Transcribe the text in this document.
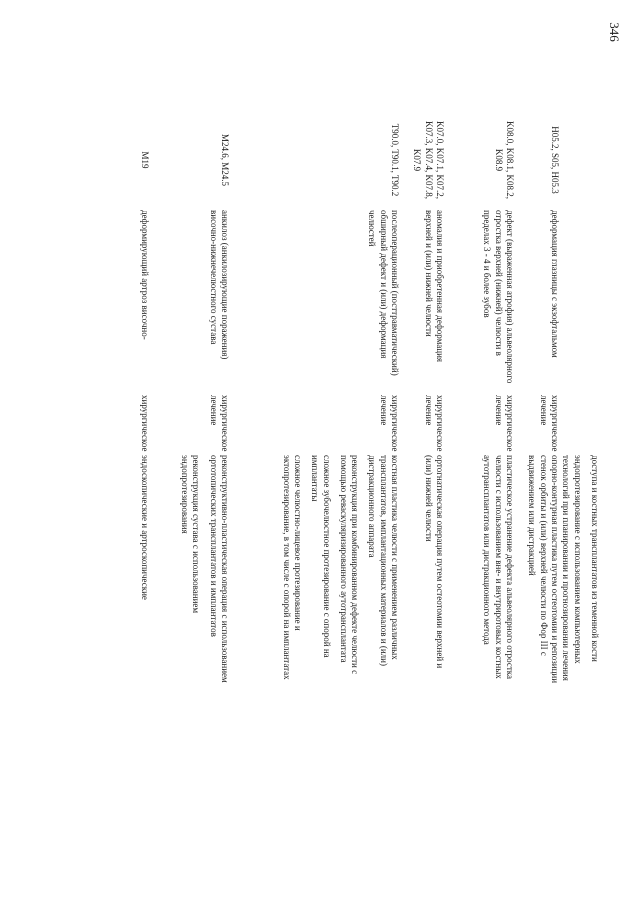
346

доступа и костных трансплантатов из теменной кости

эндопротезирование с использованием компьютерных технологий при планировании и прогнозировании лечения

H05.2, S05, H05.3
деформация глазницы с экзофтальмом
хирургическое лечение

опорно-контурная пластика путем остеотомии и репозиции стенок орбиты и (или) верхней челюсти по Фор III с выдвижением или дистракцией

K08.0, K08.1, K08.2, K08.9
дефект (выраженная атрофия) альвеолярного отростка верхней (нижней) челюсти в пределах 3 - 4 и более зубов
хирургическое лечение

пластическое устранение дефекта альвеолярного отростка челюсти с использованием вне- и внутриротовых костных аутотрансплантатов или дистракционного метода

K07.0, K07.1, K07.2, K07.3, K07.4, K07.8, K07.9
аномалия и приобретенная деформация верхней и (или) нижней челюсти
хирургическое лечение

ортогнатическая операция путем остеотомии верхней и (или) нижней челюсти

T90.0, T90.1, T90.2
послеоперационный (посттравматический) обширный дефект и (или) деформация челюстей
хирургическое лечение

костная пластика челюсти с применением различных трансплантатов, имплантационных материалов и (или) дистракционного аппарата

реконструкция при комбинированном дефекте челюсти с помощью реваскуляризированного аутотрансплантата

сложное зубочелюстное протезирование с опорой на имплантаты

сложное челюстно-лицевое протезирование и эктопротезирование, в том числе с опорой на имплантатах

M24.6, M24.5
анкилоз (анкилозирующие поражения) височно-нижнечелюстного сустава
хирургическое лечение

реконструктивно-пластическая операция с использованием ортотопических трансплантатов и имплантатов

реконструкция сустава с использованием эндопротезирования

M19
деформирующий артроз височно-
хирургическое

эндоскопические и артроскопические
